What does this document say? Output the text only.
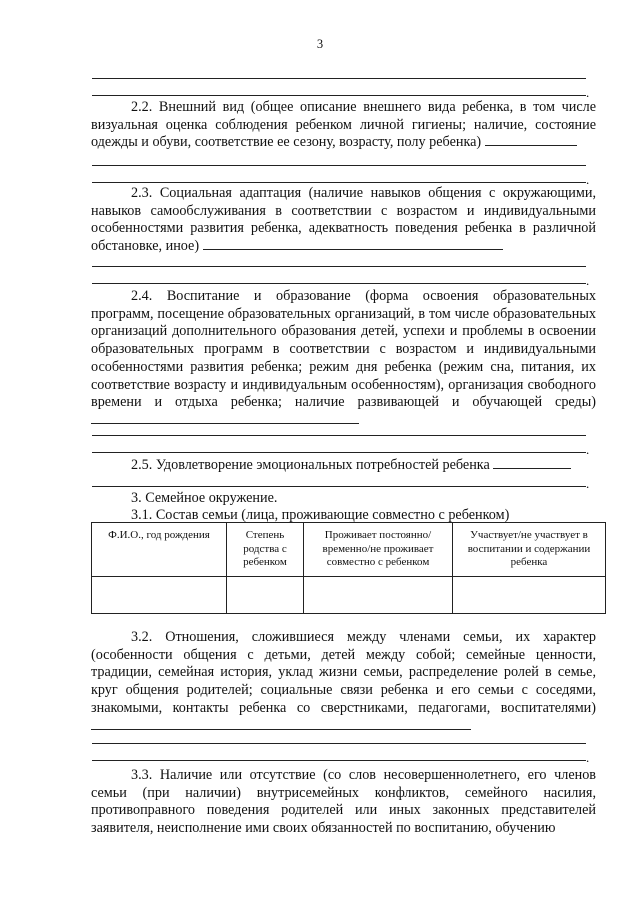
3
.
2.2. Внешний вид (общее описание внешнего вида ребенка, в том числе визуальная оценка соблюдения ребенком личной гигиены; наличие, состояние одежды и обуви, соответствие ее сезону, возрасту, полу ребенка)
.
2.3. Социальная адаптация (наличие навыков общения с окружающими, навыков самообслуживания в соответствии с возрастом и индивидуальными особенностями развития ребенка, адекватность поведения ребенка в различной обстановке, иное)
.
2.4. Воспитание и образование (форма освоения образовательных программ, посещение образовательных организаций, в том числе образовательных организаций дополнительного образования детей, успехи и проблемы в освоении образовательных программ в соответствии с возрастом и индивидуальными особенностями развития ребенка; режим дня ребенка (режим сна, питания, их соответствие возрасту и индивидуальным особенностям), организация свободного времени и отдыха ребенка; наличие развивающей и обучающей среды)
.
2.5. Удовлетворение эмоциональных потребностей ребенка
.
3. Семейное окружение.
3.1. Состав семьи (лица, проживающие совместно с ребенком)
Ф.И.О., год рождения	Степень родства с ребенком	Проживает постоянно/временно/не проживает совместно с ребенком	Участвует/не участвует в воспитании и содержании ребенка

3.2. Отношения, сложившиеся между членами семьи, их характер (особенности общения с детьми, детей между собой; семейные ценности, традиции, семейная история, уклад жизни семьи, распределение ролей в семье, круг общения родителей; социальные связи ребенка и его семьи с соседями, знакомыми, контакты ребенка со сверстниками, педагогами, воспитателями)
.
3.3. Наличие или отсутствие (со слов несовершеннолетнего, его членов семьи (при наличии) внутрисемейных конфликтов, семейного насилия, противоправного поведения родителей или иных законных представителей заявителя, неисполнение ими своих обязанностей по воспитанию, обучению
